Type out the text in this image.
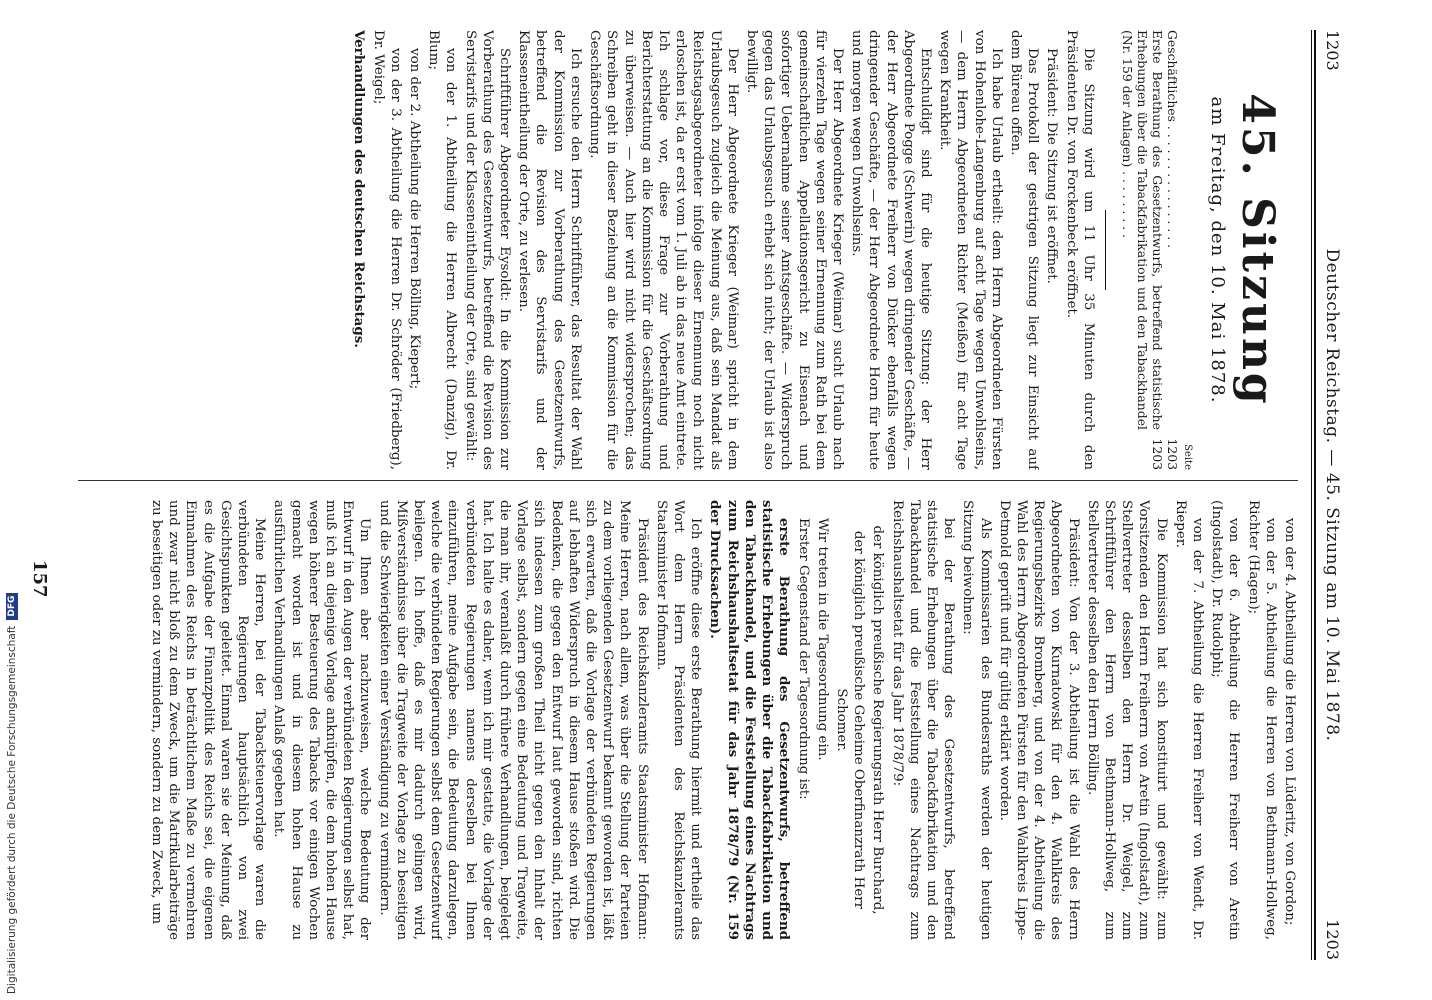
1203
Deutscher Reichstag. — 45. Sitzung am 10. Mai 1878.
1203
45. Sitzung
am Freitag, den 10. Mai 1878.
Seite
Geschäftliches . . . . . . . . . . . . . . . .
1203
Erste Berathung des Gesetzentwurfs, betreffend statistische Erhebungen über die Tabackfabrikation und den Tabackhandel (Nr. 159 der Anlagen) . . . . . . . . .
1203

Die Sitzung wird um 11 Uhr 35 Minuten durch den Präsidenten Dr. von Forckenbeck eröffnet.

Präsident: Die Sitzung ist eröffnet.

Das Protokoll der gestrigen Sitzung liegt zur Einsicht auf dem Büreau offen.

Ich habe Urlaub ertheilt: dem Herrn Abgeordneten Fürsten von Hohenlohe-Langenburg auf acht Tage wegen Unwohlseins, — dem Herrn Abgeordneten Richter (Meißen) für acht Tage wegen Krankheit.

Entschuldigt sind für die heutige Sitzung: der Herr Abgeordnete Pogge (Schwerin) wegen dringender Geschäfte, — der Herr Abgeordnete Freiherr von Dücker ebenfalls wegen dringender Geschäfte, — der Herr Abgeordnete Horn für heute und morgen wegen Unwohlseins.

Der Herr Abgeordnete Krieger (Weimar) sucht Urlaub nach für vierzehn Tage wegen seiner Ernennung zum Rath bei dem gemeinschaftlichen Appellationsgericht zu Eisenach und sofortiger Uebernahme seiner Amtsgeschäfte. — Widerspruch gegen das Urlaubsgesuch erhebt sich nicht; der Urlaub ist also bewilligt.

Der Herr Abgeordnete Krieger (Weimar) spricht in dem Urlaubsgesuch zugleich die Meinung aus, daß sein Mandat als Reichstagsabgeordneter infolge dieser Ernennung noch nicht erloschen ist, da er erst vom 1. Juli ab in das neue Amt eintrete. Ich schlage vor, diese Frage zur Vorberathung und Berichterstattung an die Kommission für die Geschäftsordnung zu überweisen. — Auch hier wird nicht widersprochen; das Schreiben geht in dieser Beziehung an die Kommission für die Geschäftsordnung.

Ich ersuche den Herrn Schriftführer, das Resultat der Wahl der Kommission zur Vorberathung des Gesetzentwurfs, betreffend die Revision des Servistarifs und der Klasseneintheilung der Orte, zu verlesen.

Schriftführer Abgeordneter Eysoldt: In die Kommission zur Vorberathung des Gesetzentwurfs, betreffend die Revision des Servistarifs und der Klasseneintheilung der Orte, sind gewählt:

von der 1. Abtheilung die Herren Albrecht (Danzig), Dr. Blum;

von der 2. Abtheilung die Herren Bölling, Kiepert;

von der 3. Abtheilung die Herren Dr. Schröder (Friedberg), Dr. Weigel;

Verhandlungen des deutschen Reichstags.

von der 4. Abtheilung die Herren von Lüderitz, von Gordon;

von der 5. Abtheilung die Herren von Bethmann-Hollweg, Richter (Hagen);

von der 6. Abtheilung die Herren Freiherr von Aretin (Ingolstadt), Dr. Rudolphi;

von der 7. Abtheilung die Herren Freiherr von Wendt, Dr. Rieper.

Die Kommission hat sich konstituirt und gewählt: zum Vorsitzenden den Herrn Freiherrn von Aretin (Ingolstadt), zum Stellvertreter desselben den Herrn Dr. Weigel, zum Schriftführer den Herrn von Bethmann-Hollweg, zum Stellvertreter desselben den Herrn Bölling.

Präsident: Von der 3. Abtheilung ist die Wahl des Herrn Abgeordneten von Kurnatowski für den 4. Wahlkreis des Regierungsbezirks Bromberg, und von der 4. Abtheilung die Wahl des Herrn Abgeordneten Pürsten für den Wahlkreis Lippe-Detmold geprüft und für gültig erklärt worden.

Als Kommissarien des Bundesraths werden der heutigen Sitzung beiwohnen:

bei der Berathung des Gesetzentwurfs, betreffend statistische Erhebungen über die Tabackfabrikation und den Tabackhandel und die Feststellung eines Nachtrags zum Reichshaushaltsetat für das Jahr 1878/79:

der königlich preußische Regierungsrath Herr Burchard,

der königlich preußische Geheime Oberfinanzrath Herr Schomer.

Wir treten in die Tagesordnung ein.

Erster Gegenstand der Tagesordnung ist:

erste Berathung des Gesetzentwurfs, betreffend statistische Erhebungen über die Tabackfabrikation und den Tabackhandel, und die Feststellung eines Nachtrags zum Reichshaushaltsetat für das Jahr 1878/79 (Nr. 159 der Drucksachen).

Ich eröffne diese erste Berathung hiermit und ertheile das Wort dem Herrn Präsidenten des Reichskanzleramts Staatsminister Hofmann.

Präsident des Reichskanzleramts Staatsminister Hofmann: Meine Herren, nach allem, was über die Stellung der Parteien zu dem vorliegenden Gesetzentwurf bekannt geworden ist, läßt sich erwarten, daß die Vorlage der verbündeten Regierungen auf lebhaften Widerspruch in diesem Hause stoßen wird. Die Bedenken, die gegen den Entwurf laut geworden sind, richten sich indessen zum großen Theil nicht gegen den Inhalt der Vorlage selbst, sondern gegen eine Bedeutung und Tragweite, die man ihr, veranlaßt durch frühere Verhandlungen, beigelegt hat. Ich halte es daher, wenn ich mir gestatte, die Vorlage der verbündeten Regierungen namens derselben bei Ihnen einzuführen, meine Aufgabe sein, die Bedeutung darzulegen, welche die verbündeten Regierungen selbst dem Gesetzentwurf beilegen. Ich hoffe, daß es mir dadurch gelingen wird, Mißverständnisse über die Tragweite der Vorlage zu beseitigen und die Schwierigkeiten einer Verständigung zu vermindern.

Um Ihnen aber nachzuweisen, welche Bedeutung der Entwurf in den Augen der verbündeten Regierungen selbst hat, muß ich an diejenige Vorlage anknüpfen, die dem hohen Hause wegen höherer Besteuerung des Tabacks vor einigen Wochen gemacht worden ist und in diesem hohen Hause zu ausführlichen Verhandlungen Anlaß gegeben hat.

Meine Herren, bei der Tabacksteuervorlage waren die verbündeten Regierungen hauptsächlich von zwei Gesichtspunkten geleitet. Einmal waren sie der Meinung, daß es die Aufgabe der Finanzpolitik des Reichs sei, die eigenen Einnahmen des Reichs in beträchtlichem Maße zu vermehren und zwar nicht bloß zu dem Zweck, um die Matrikularbeiträge zu beseitigen oder zu vermindern, sondern zu dem Zweck, um

157
Digitalisierung gefördert durch die Deutsche Forschungsgemeinschaft
DFG
